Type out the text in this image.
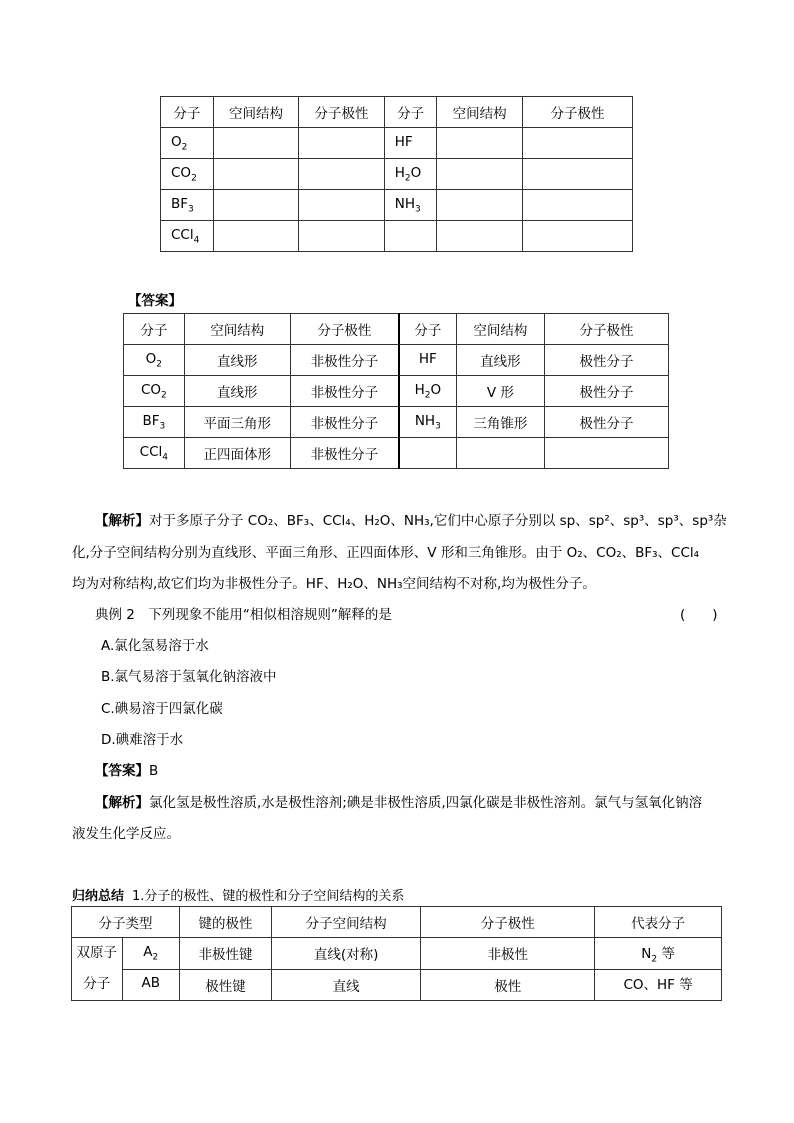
分子	空间结构	分子极性	分子	空间结构	分子极性
$O_2$			HF		
$CO_2$			$H_2O$		
$BF_3$			$NH_3$		
CCl$_4$					
【答案】
分子	空间结构	分子极性	分子	空间结构	分子极性
$O_2$	直线形	非极性分子	HF	直线形	极性分子
$CO_2$	直线形	非极性分子	$H_2O$	V 形	极性分子
$BF_3$	平面三角形	非极性分子	$NH_3$	三角锥形	极性分子
CCl$_4$	正四面体形	非极性分子			
【解析】对于多原子分子 CO₂、BF₃、CCl₄、H₂O、NH₃,它们中心原子分别以 sp、sp²、sp³、sp³、sp³杂
化,分子空间结构分别为直线形、平面三角形、正四面体形、V 形和三角锥形。由于 O₂、CO₂、BF₃、CCl₄
均为对称结构,故它们均为非极性分子。HF、H₂O、NH₃空间结构不对称,均为极性分子。
典例 2　下列现象不能用“相似相溶规则”解释的是	(　　)
A.氯化氢易溶于水
B.氯气易溶于氢氧化钠溶液中
C.碘易溶于四氯化碳
D.碘难溶于水
【答案】B
【解析】氯化氢是极性溶质,水是极性溶剂;碘是非极性溶质,四氯化碳是非极性溶剂。氯气与氢氧化钠溶
液发生化学反应。
归纳总结 1.分子的极性、键的极性和分子空间结构的关系
分子类型		键的极性	分子空间结构	分子极性	代表分子
双原子分子	$A_2$	非极性键	直线(对称)	非极性	$N_2$ 等
	AB	极性键	直线	极性	CO、HF 等
